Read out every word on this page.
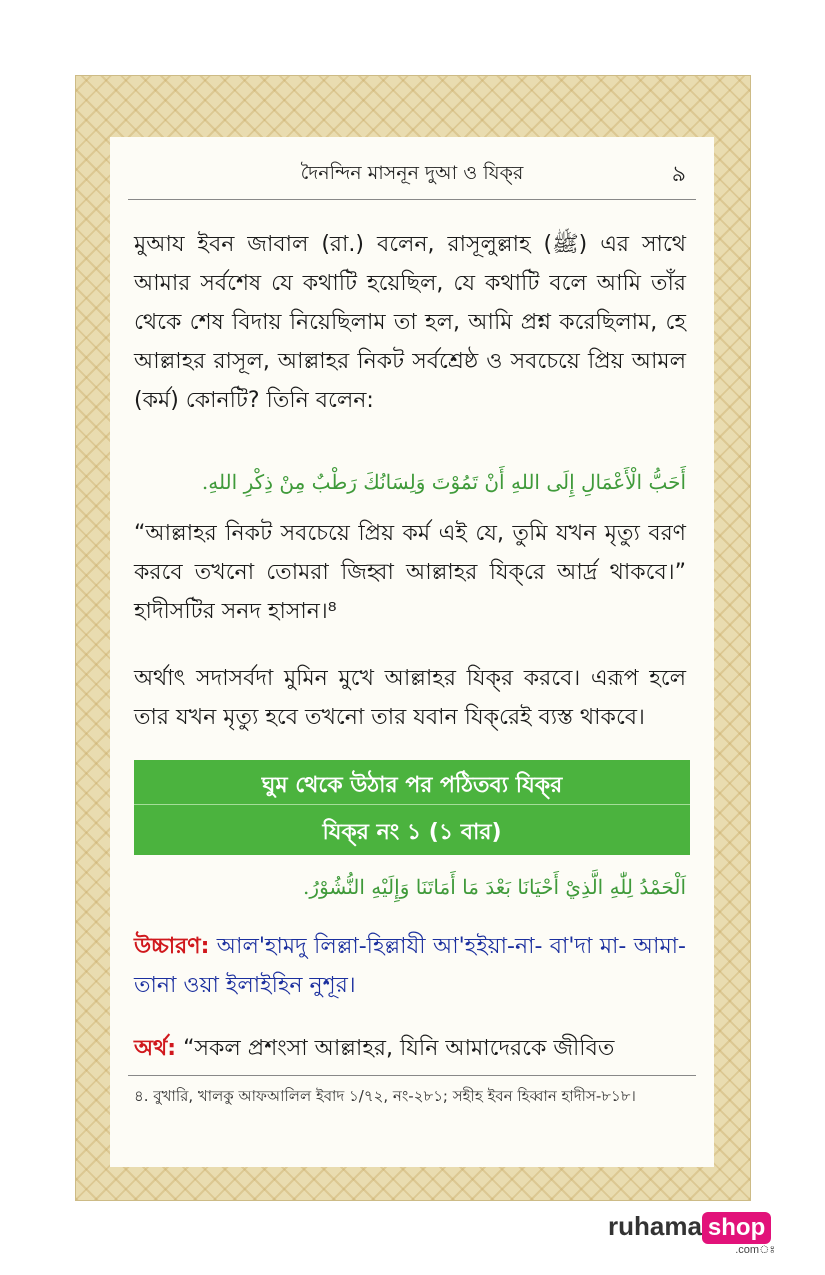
দৈনন্দিন মাসনূন দুআ ও যিক্‌র	৯
মুআয ইবন জাবাল (রা.) বলেন, রাসূলুল্লাহ (ﷺ) এর সাথে আমার সর্বশেষ যে কথাটি হয়েছিল, যে কথাটি বলে আমি তাঁর থেকে শেষ বিদায় নিয়েছিলাম তা হল, আমি প্রশ্ন করেছিলাম, হে আল্লাহর রাসূল, আল্লাহর নিকট সর্বশ্রেষ্ঠ ও সবচেয়ে প্রিয় আমল (কর্ম) কোনটি? তিনি বলেন:
أَحَبُّ الْأَعْمَالِ إِلَى اللهِ أَنْ تَمُوْتَ وَلِسَانُكَ رَطْبٌ مِنْ ذِكْرِ اللهِ.
“আল্লাহর নিকট সবচেয়ে প্রিয় কর্ম এই যে, তুমি যখন মৃত্যু বরণ করবে তখনো তোমরা জিহ্বা আল্লাহর যিক্‌রে আর্দ্র থাকবে।” হাদীসটির সনদ হাসান।⁸
অর্থাৎ সদাসর্বদা মুমিন মুখে আল্লাহর যিক্‌র করবে। এরূপ হলে তার যখন মৃত্যু হবে তখনো তার যবান যিক্‌রেই ব্যস্ত থাকবে।
ঘুম থেকে উঠার পর পঠিতব্য যিক্‌র
যিক্‌র নং ১ (১ বার)
اَلْحَمْدُ لِلّٰهِ الَّذِيْ أَحْيَانَا بَعْدَ مَا أَمَاتَنَا وَإِلَيْهِ النُّشُوْرُ.
উচ্চারণ: আল'হামদু লিল্লা-হিল্লাযী আ'হইয়া-না- বা'দা মা- আমা-তানা ওয়া ইলাইহিন নুশূর।
অর্থ: “সকল প্রশংসা আল্লাহর, যিনি আমাদেরকে জীবিত
৪. বুখারি, খালকু আফআলিল ইবাদ ১/৭২, নং-২৮১; সহীহ ইবন হিব্বান হাদীস-৮১৮।
ruhama shop
.comঃ
